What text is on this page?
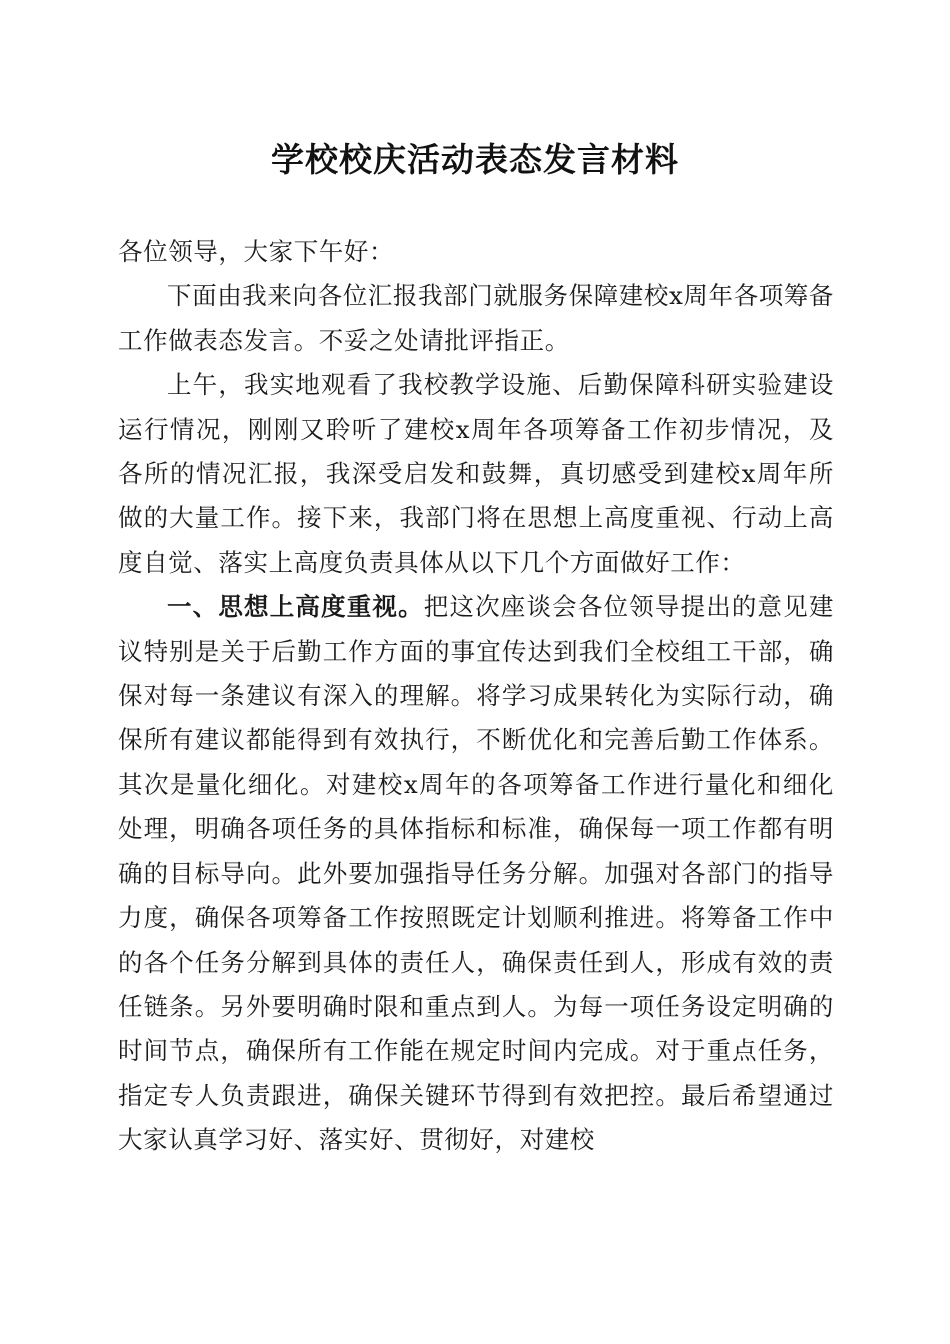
学校校庆活动表态发言材料

各位领导，大家下午好：

下面由我来向各位汇报我部门就服务保障建校x周年各项筹备工作做表态发言。不妥之处请批评指正。

上午，我实地观看了我校教学设施、后勤保障科研实验建设运行情况，刚刚又聆听了建校x周年各项筹备工作初步情况，及各所的情况汇报，我深受启发和鼓舞，真切感受到建校x周年所做的大量工作。接下来，我部门将在思想上高度重视、行动上高度自觉、落实上高度负责具体从以下几个方面做好工作：

一、思想上高度重视。把这次座谈会各位领导提出的意见建议特别是关于后勤工作方面的事宜传达到我们全校组工干部，确保对每一条建议有深入的理解。将学习成果转化为实际行动，确保所有建议都能得到有效执行，不断优化和完善后勤工作体系。其次是量化细化。对建校x周年的各项筹备工作进行量化和细化处理，明确各项任务的具体指标和标准，确保每一项工作都有明确的目标导向。此外要加强指导任务分解。加强对各部门的指导力度，确保各项筹备工作按照既定计划顺利推进。将筹备工作中的各个任务分解到具体的责任人，确保责任到人，形成有效的责任链条。另外要明确时限和重点到人。为每一项任务设定明确的时间节点，确保所有工作能在规定时间内完成。对于重点任务，指定专人负责跟进，确保关键环节得到有效把控。最后希望通过大家认真学习好、落实好、贯彻好，对建校
